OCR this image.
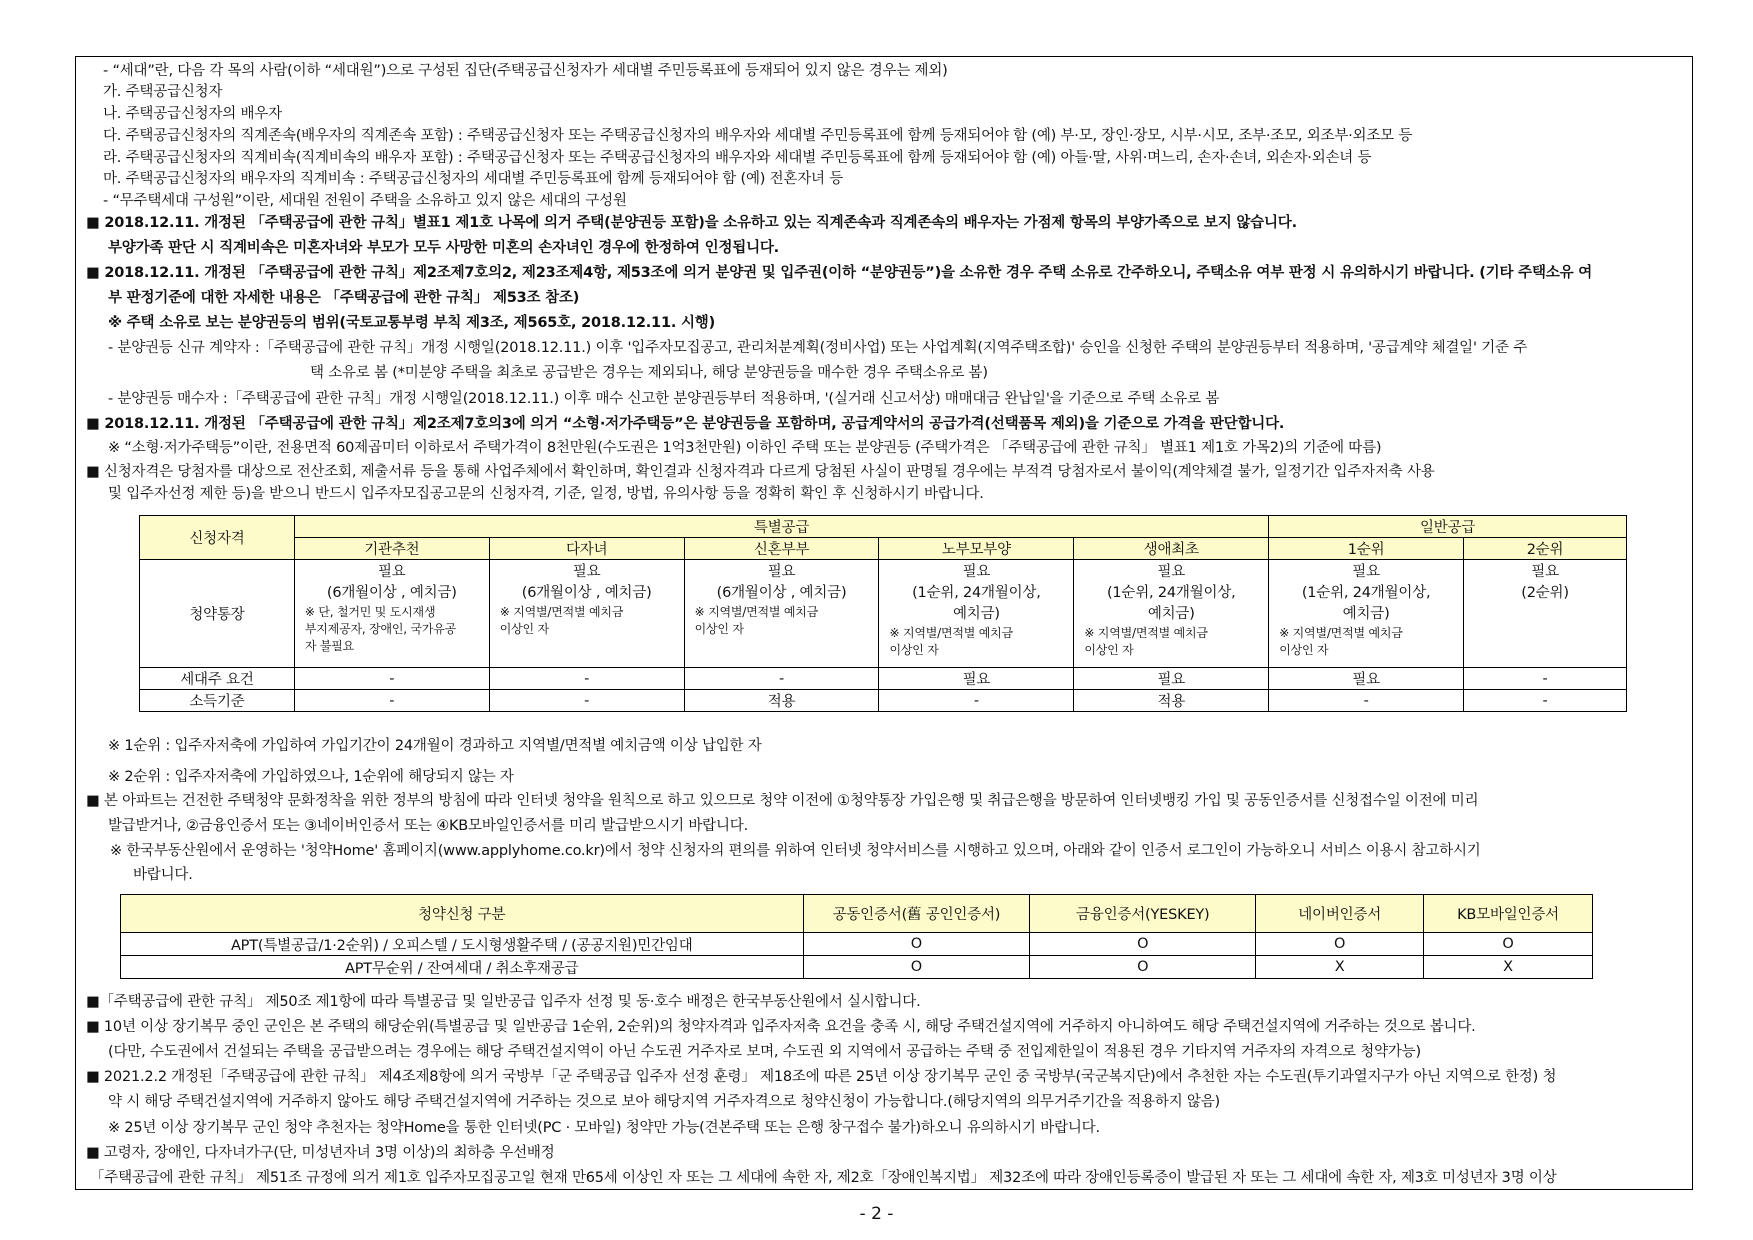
- “세대”란, 다음 각 목의 사람(이하 “세대원”)으로 구성된 집단(주택공급신청자가 세대별 주민등록표에 등재되어 있지 않은 경우는 제외)
가. 주택공급신청자
나. 주택공급신청자의 배우자
다. 주택공급신청자의 직계존속(배우자의 직계존속 포함) : 주택공급신청자 또는 주택공급신청자의 배우자와 세대별 주민등록표에 함께 등재되어야 함 (예) 부·모, 장인·장모, 시부·시모, 조부·조모, 외조부·외조모 등
라. 주택공급신청자의 직계비속(직계비속의 배우자 포함) : 주택공급신청자 또는 주택공급신청자의 배우자와 세대별 주민등록표에 함께 등재되어야 함 (예) 아들·딸, 사위·며느리, 손자·손녀, 외손자·외손녀 등
마. 주택공급신청자의 배우자의 직계비속 : 주택공급신청자의 세대별 주민등록표에 함께 등재되어야 함 (예) 전혼자녀 등
- “무주택세대 구성원”이란, 세대원 전원이 주택을 소유하고 있지 않은 세대의 구성원
■ 2018.12.11. 개정된 「주택공급에 관한 규칙」별표1 제1호 나목에 의거 주택(분양권등 포함)을 소유하고 있는 직계존속과 직계존속의 배우자는 가점제 항목의 부양가족으로 보지 않습니다.
부양가족 판단 시 직계비속은 미혼자녀와 부모가 모두 사망한 미혼의 손자녀인 경우에 한정하여 인정됩니다.
■ 2018.12.11. 개정된 「주택공급에 관한 규칙」제2조제7호의2, 제23조제4항, 제53조에 의거 분양권 및 입주권(이하 “분양권등”)을 소유한 경우 주택 소유로 간주하오니, 주택소유 여부 판정 시 유의하시기 바랍니다. (기타 주택소유 여
부 판정기준에 대한 자세한 내용은 「주택공급에 관한 규칙」 제53조 참조)
※ 주택 소유로 보는 분양권등의 범위(국토교통부령 부칙 제3조, 제565호, 2018.12.11. 시행)
- 분양권등 신규 계약자 :「주택공급에 관한 규칙」개정 시행일(2018.12.11.) 이후 '입주자모집공고, 관리처분계획(정비사업) 또는 사업계획(지역주택조합)' 승인을 신청한 주택의 분양권등부터 적용하며, '공급계약 체결일' 기준 주
택 소유로 봄 (*미분양 주택을 최초로 공급받은 경우는 제외되나, 해당 분양권등을 매수한 경우 주택소유로 봄)
- 분양권등 매수자 :「주택공급에 관한 규칙」개정 시행일(2018.12.11.) 이후 매수 신고한 분양권등부터 적용하며, '(실거래 신고서상) 매매대금 완납일'을 기준으로 주택 소유로 봄
■ 2018.12.11. 개정된 「주택공급에 관한 규칙」제2조제7호의3에 의거 “소형·저가주택등”은 분양권등을 포함하며, 공급계약서의 공급가격(선택품목 제외)을 기준으로 가격을 판단합니다.
※ “소형·저가주택등”이란, 전용면적 60제곱미터 이하로서 주택가격이 8천만원(수도권은 1억3천만원) 이하인 주택 또는 분양권등 (주택가격은 「주택공급에 관한 규칙」 별표1 제1호 가목2)의 기준에 따름)
■ 신청자격은 당첨자를 대상으로 전산조회, 제출서류 등을 통해 사업주체에서 확인하며, 확인결과 신청자격과 다르게 당첨된 사실이 판명될 경우에는 부적격 당첨자로서 불이익(계약체결 불가, 일정기간 입주자저축 사용
및 입주자선정 제한 등)을 받으니 반드시 입주자모집공고문의 신청자격, 기준, 일정, 방법, 유의사항 등을 정확히 확인 후 신청하시기 바랍니다.
신청자격	특별공급					일반공급	
	기관추천	다자녀	신혼부부	노부모부양	생애최초	1순위	2순위
청약통장	필요
(6개월이상 , 예치금)
※ 단, 철거민 및 도시재생
부지제공자, 장애인, 국가유공
자 불필요	필요
(6개월이상 , 예치금)
※ 지역별/면적별 예치금
이상인 자	필요
(6개월이상 , 예치금)
※ 지역별/면적별 예치금
이상인 자	필요
(1순위, 24개월이상,
예치금)
※ 지역별/면적별 예치금
이상인 자	필요
(1순위, 24개월이상,
예치금)
※ 지역별/면적별 예치금
이상인 자	필요
(1순위, 24개월이상,
예치금)
※ 지역별/면적별 예치금
이상인 자	필요
(2순위)

세대주 요건	-	-	-	필요	필요	필요	-
소득기준	-	-	적용	-	적용	-	-
※ 1순위 : 입주자저축에 가입하여 가입기간이 24개월이 경과하고 지역별/면적별 예치금액 이상 납입한 자
※ 2순위 : 입주자저축에 가입하였으나, 1순위에 해당되지 않는 자
■ 본 아파트는 건전한 주택청약 문화정착을 위한 정부의 방침에 따라 인터넷 청약을 원칙으로 하고 있으므로 청약 이전에 ①청약통장 가입은행 및 취급은행을 방문하여 인터넷뱅킹 가입 및 공동인증서를 신청접수일 이전에 미리
발급받거나, ②금융인증서 또는 ③네이버인증서 또는 ④KB모바일인증서를 미리 발급받으시기 바랍니다.
※ 한국부동산원에서 운영하는 '청약Home' 홈페이지(www.applyhome.co.kr)에서 청약 신청자의 편의를 위하여 인터넷 청약서비스를 시행하고 있으며, 아래와 같이 인증서 로그인이 가능하오니 서비스 이용시 참고하시기
바랍니다.
청약신청 구분	공동인증서(舊 공인인증서)	금융인증서(YESKEY)	네이버인증서	KB모바일인증서
APT(특별공급/1·2순위) / 오피스텔 / 도시형생활주택 / (공공지원)민간임대	O	O	O	O
APT무순위 / 잔여세대 / 취소후재공급	O	O	X	X
■「주택공급에 관한 규칙」 제50조 제1항에 따라 특별공급 및 일반공급 입주자 선정 및 동·호수 배정은 한국부동산원에서 실시합니다.
■ 10년 이상 장기복무 중인 군인은 본 주택의 해당순위(특별공급 및 일반공급 1순위, 2순위)의 청약자격과 입주자저축 요건을 충족 시, 해당 주택건설지역에 거주하지 아니하여도 해당 주택건설지역에 거주하는 것으로 봅니다.
(다만, 수도권에서 건설되는 주택을 공급받으려는 경우에는 해당 주택건설지역이 아닌 수도권 거주자로 보며, 수도권 외 지역에서 공급하는 주택 중 전입제한일이 적용된 경우 기타지역 거주자의 자격으로 청약가능)
■ 2021.2.2 개정된「주택공급에 관한 규칙」 제4조제8항에 의거 국방부「군 주택공급 입주자 선정 훈령」 제18조에 따른 25년 이상 장기복무 군인 중 국방부(국군복지단)에서 추천한 자는 수도권(투기과열지구가 아닌 지역으로 한정) 청
약 시 해당 주택건설지역에 거주하지 않아도 해당 주택건설지역에 거주하는 것으로 보아 해당지역 거주자격으로 청약신청이 가능합니다.(해당지역의 의무거주기간을 적용하지 않음)
※ 25년 이상 장기복무 군인 청약 추천자는 청약Home을 통한 인터넷(PC · 모바일) 청약만 가능(견본주택 또는 은행 창구접수 불가)하오니 유의하시기 바랍니다.
■ 고령자, 장애인, 다자녀가구(단, 미성년자녀 3명 이상)의 최하층 우선배정
「주택공급에 관한 규칙」 제51조 규정에 의거 제1호 입주자모집공고일 현재 만65세 이상인 자 또는 그 세대에 속한 자, 제2호「장애인복지법」 제32조에 따라 장애인등록증이 발급된 자 또는 그 세대에 속한 자, 제3호 미성년자 3명 이상
- 2 -
